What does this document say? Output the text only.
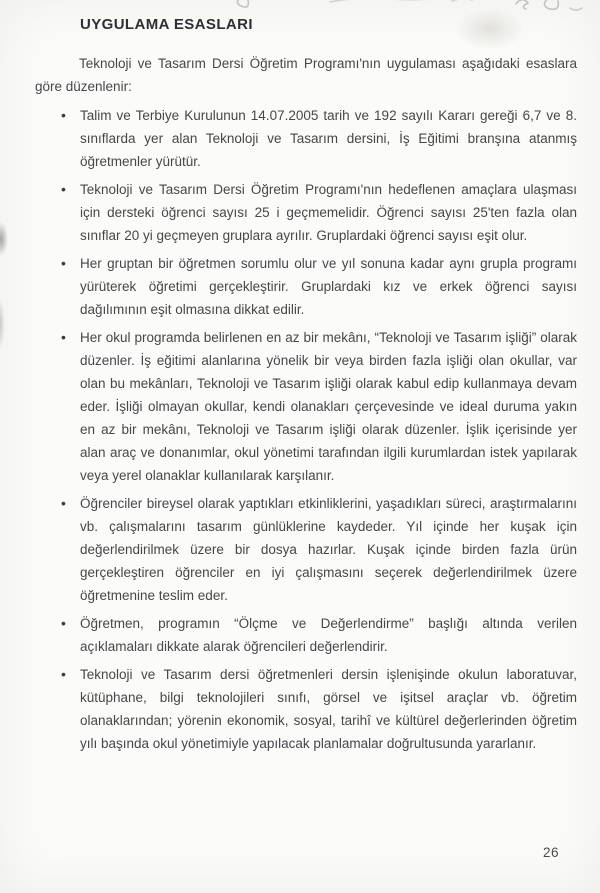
UYGULAMA ESASLARI

Teknoloji ve Tasarım Dersi Öğretim Programı'nın uygulaması aşağıdaki esaslara göre düzenlenir:

• Talim ve Terbiye Kurulunun 14.07.2005 tarih ve 192 sayılı Kararı gereği 6,7 ve 8. sınıflarda yer alan Teknoloji ve Tasarım dersini, İş Eğitimi branşına atanmış öğretmenler yürütür.
• Teknoloji ve Tasarım Dersi Öğretim Programı'nın hedeflenen amaçlara ulaşması için dersteki öğrenci sayısı 25 i geçmemelidir. Öğrenci sayısı 25'ten fazla olan sınıflar 20 yi geçmeyen gruplara ayrılır. Gruplardaki öğrenci sayısı eşit olur.
• Her gruptan bir öğretmen sorumlu olur ve yıl sonuna kadar aynı grupla programı yürüterek öğretimi gerçekleştirir. Gruplardaki kız ve erkek öğrenci sayısı dağılımının eşit olmasına dikkat edilir.
• Her okul programda belirlenen en az bir mekânı, “Teknoloji ve Tasarım işliği” olarak düzenler. İş eğitimi alanlarına yönelik bir veya birden fazla işliği olan okullar, var olan bu mekânları, Teknoloji ve Tasarım işliği olarak kabul edip kullanmaya devam eder. İşliği olmayan okullar, kendi olanakları çerçevesinde ve ideal duruma yakın en az bir mekânı, Teknoloji ve Tasarım işliği olarak düzenler. İşlik içerisinde yer alan araç ve donanımlar, okul yönetimi tarafından ilgili kurumlardan istek yapılarak veya yerel olanaklar kullanılarak karşılanır.
• Öğrenciler bireysel olarak yaptıkları etkinliklerini, yaşadıkları süreci, araştırmalarını vb. çalışmalarını tasarım günlüklerine kaydeder. Yıl içinde her kuşak için değerlendirilmek üzere bir dosya hazırlar. Kuşak içinde birden fazla ürün gerçekleştiren öğrenciler en iyi çalışmasını seçerek değerlendirilmek üzere öğretmenine teslim eder.
• Öğretmen, programın “Ölçme ve Değerlendirme” başlığı altında verilen açıklamaları dikkate alarak öğrencileri değerlendirir.
• Teknoloji ve Tasarım dersi öğretmenleri dersin işlenişinde okulun laboratuvar, kütüphane, bilgi teknolojileri sınıfı, görsel ve işitsel araçlar vb. öğretim olanaklarından; yörenin ekonomik, sosyal, tarihî ve kültürel değerlerinden öğretim yılı başında okul yönetimiyle yapılacak planlamalar doğrultusunda yararlanır.
26
